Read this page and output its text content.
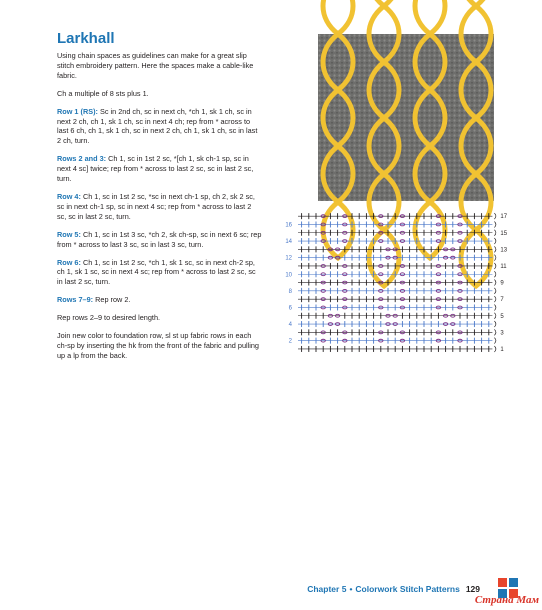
Larkhall

Using chain spaces as guidelines can make for a great slip stitch embroidery pattern. Here the spaces make a cable-like fabric.

Ch a multiple of 8 sts plus 1.

Row 1 (RS): Sc in 2nd ch, sc in next ch, *ch 1, sk 1 ch, sc in next 2 ch, ch 1, sk 1 ch, sc in next 4 ch; rep from * across to last 6 ch, ch 1, sk 1 ch, sc in next 2 ch, ch 1, sk 1 ch, sc in last 2 ch, turn.

Rows 2 and 3: Ch 1, sc in 1st 2 sc, *[ch 1, sk ch-1 sp, sc in next 4 sc] twice; rep from * across to last 2 sc, sc in last 2 sc, turn.

Row 4: Ch 1, sc in 1st 2 sc, *sc in next ch-1 sp, ch 2, sk 2 sc, sc in next ch-1 sp, sc in next 4 sc; rep from * across to last 2 sc, sc in last 2 sc, turn.

Row 5: Ch 1, sc in 1st 3 sc, *ch 2, sk ch-sp, sc in next 6 sc; rep from * across to last 3 sc, sc in last 3 sc, turn.

Row 6: Ch 1, sc in 1st 2 sc, *ch 1, sk 1 sc, sc in next ch-2 sp, ch 1, sk 1 sc, sc in next 4 sc; rep from * across to last 2 sc, sc in last 2 sc, turn.

Rows 7–9: Rep row 2.

Rep rows 2–9 to desired length.

Join new color to foundation row, sl st up fabric rows in each ch-sp by inserting the hk from the front of the fabric and pulling up a lp from the back.

17
15
13
11
9
7
5
3
1
16
14
12
10
8
6
4
2
Chapter 5 • Colorwork Stitch Patterns 129
Страна Мам
